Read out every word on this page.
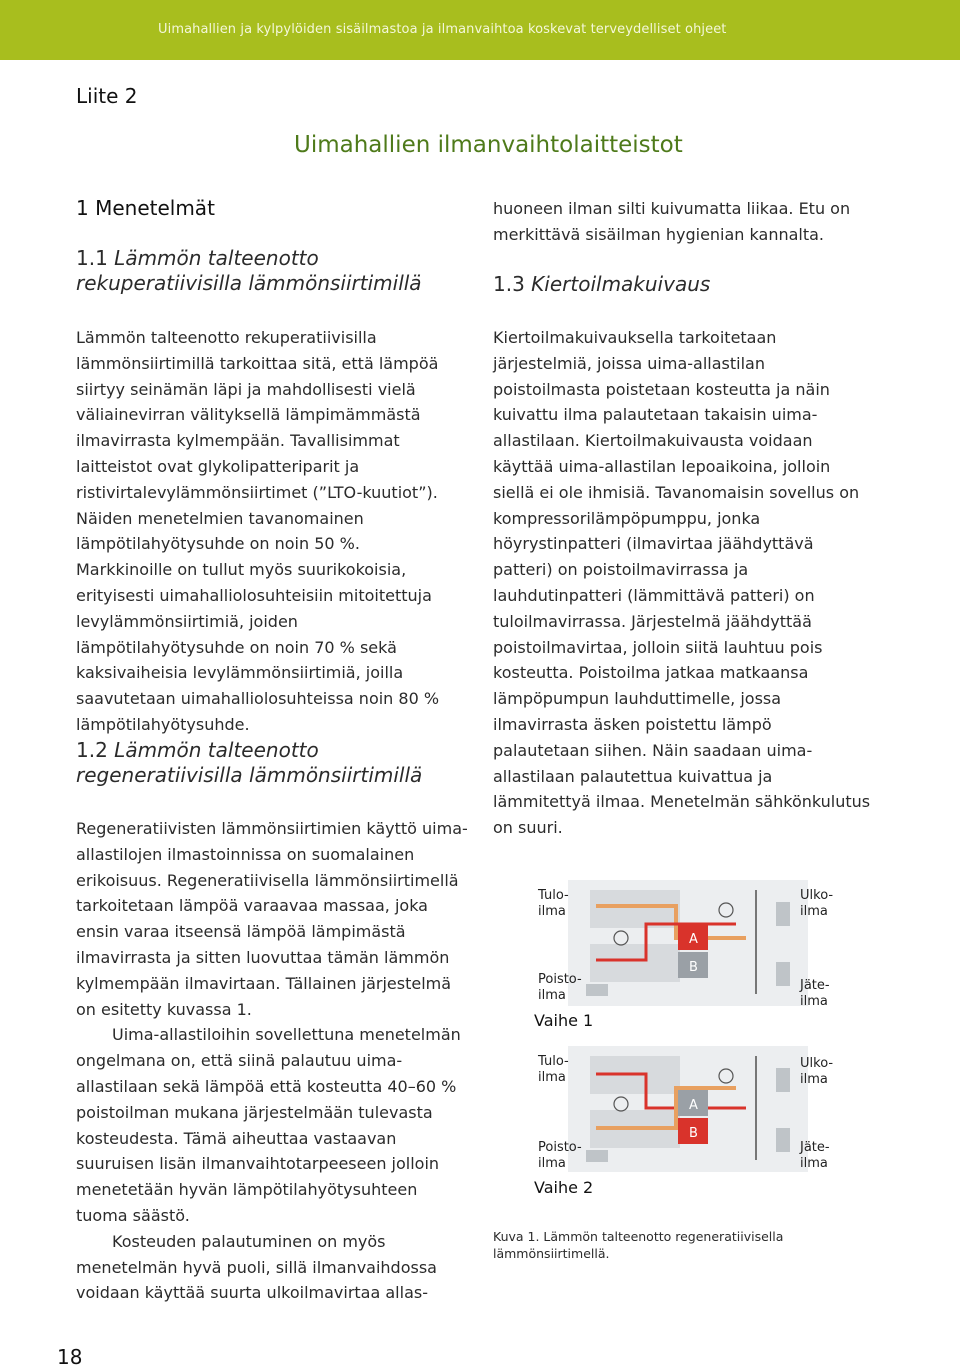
Uimahallien ja kylpylöiden sisäilmastoa ja ilmanvaihtoa koskevat terveydelliset ohjeet
Liite 2
Uimahallien ilmanvaihtolaitteistot
1 Menetelmät
1.1 Lämmön talteenotto
rekuperatiivisilla lämmönsiirtimillä

Lämmön talteenotto rekuperatiivisilla lämmönsiirtimillä tarkoittaa sitä, että lämpöä siirtyy seinämän läpi ja mahdollisesti vielä väliainevirran välityksellä lämpimämmästä ilmavirrasta kylmempään. Tavallisimmat laitteistot ovat glykolipatteriparit ja ristivirtalevylämmönsiirtimet (”LTO-kuutiot”). Näiden menetelmien tavanomainen lämpötilahyötysuhde on noin 50 %. Markkinoille on tullut myös suurikokoisia, erityisesti uimahalliolosuhteisiin mitoitettuja levylämmönsiirtimiä, joiden lämpötilahyötysuhde on noin 70 % sekä kaksivaiheisia levylämmönsiirtimiä, joilla saavutetaan uimahalliolosuhteissa noin 80 % lämpötilahyötysuhde.

1.2 Lämmön talteenotto
regeneratiivisilla lämmönsiirtimillä

Regeneratiivisten lämmönsiirtimien käyttö uima-allastilojen ilmastoinnissa on suomalainen erikoisuus. Regeneratiivisella lämmönsiirtimellä tarkoitetaan lämpöä varaavaa massaa, joka ensin varaa itseensä lämpöä lämpimästä ilmavirrasta ja sitten luovuttaa tämän lämmön kylmempään ilmavirtaan. Tällainen järjestelmä on esitetty kuvassa 1.

Uima-allastiloihin sovellettuna menetelmän ongelmana on, että siinä palautuu uima-allastilaan sekä lämpöä että kosteutta 40–60 % poistoilman mukana järjestelmään tulevasta kosteudesta. Tämä aiheuttaa vastaavan suuruisen lisän ilmanvaihtotarpeeseen jolloin menetetään hyvän lämpötilahyötysuhteen tuoma säästö.

Kosteuden palautuminen on myös menetelmän hyvä puoli, sillä ilmanvaihdossa voidaan käyttää suurta ulkoilmavirtaa allas-

huoneen ilman silti kuivumatta liikaa. Etu on merkittävä sisäilman hygienian kannalta.

1.3 Kiertoilmakuivaus

Kiertoilmakuivauksella tarkoitetaan järjestelmiä, joissa uima-allastilan poistoilmasta poistetaan kosteutta ja näin kuivattu ilma palautetaan takaisin uima-allastilaan. Kiertoilmakuivausta voidaan käyttää uima-allastilan lepoaikoina, jolloin siellä ei ole ihmisiä. Tavanomaisin sovellus on kompressorilämpöpumppu, jonka höyrystinpatteri (ilmavirtaa jäähdyttävä patteri) on poistoilmavirrassa ja lauhdutinpatteri (lämmittävä patteri) on tuloilmavirrassa. Järjestelmä jäähdyttää poistoilmavirtaa, jolloin siitä lauhtuu pois kosteutta. Poistoilma jatkaa matkaansa lämpöpumpun lauhduttimelle, jossa ilmavirrasta äsken poistettu lämpö palautetaan siihen. Näin saadaan uima-allastilaan palautettua kuivattua ja lämmitettyä ilmaa. Menetelmän sähkönkulutus on suuri.

A
B
Tulo-
ilma
Poisto-
ilma
Ulko-
ilma
Jäte-
ilma
Vaihe 1
A
B
Tulo-
ilma
Poisto-
ilma
Ulko-
ilma
Jäte-
ilma
Vaihe 2
Kuva 1. Lämmön talteenotto regeneratiivisella lämmönsiirtimellä.
18
